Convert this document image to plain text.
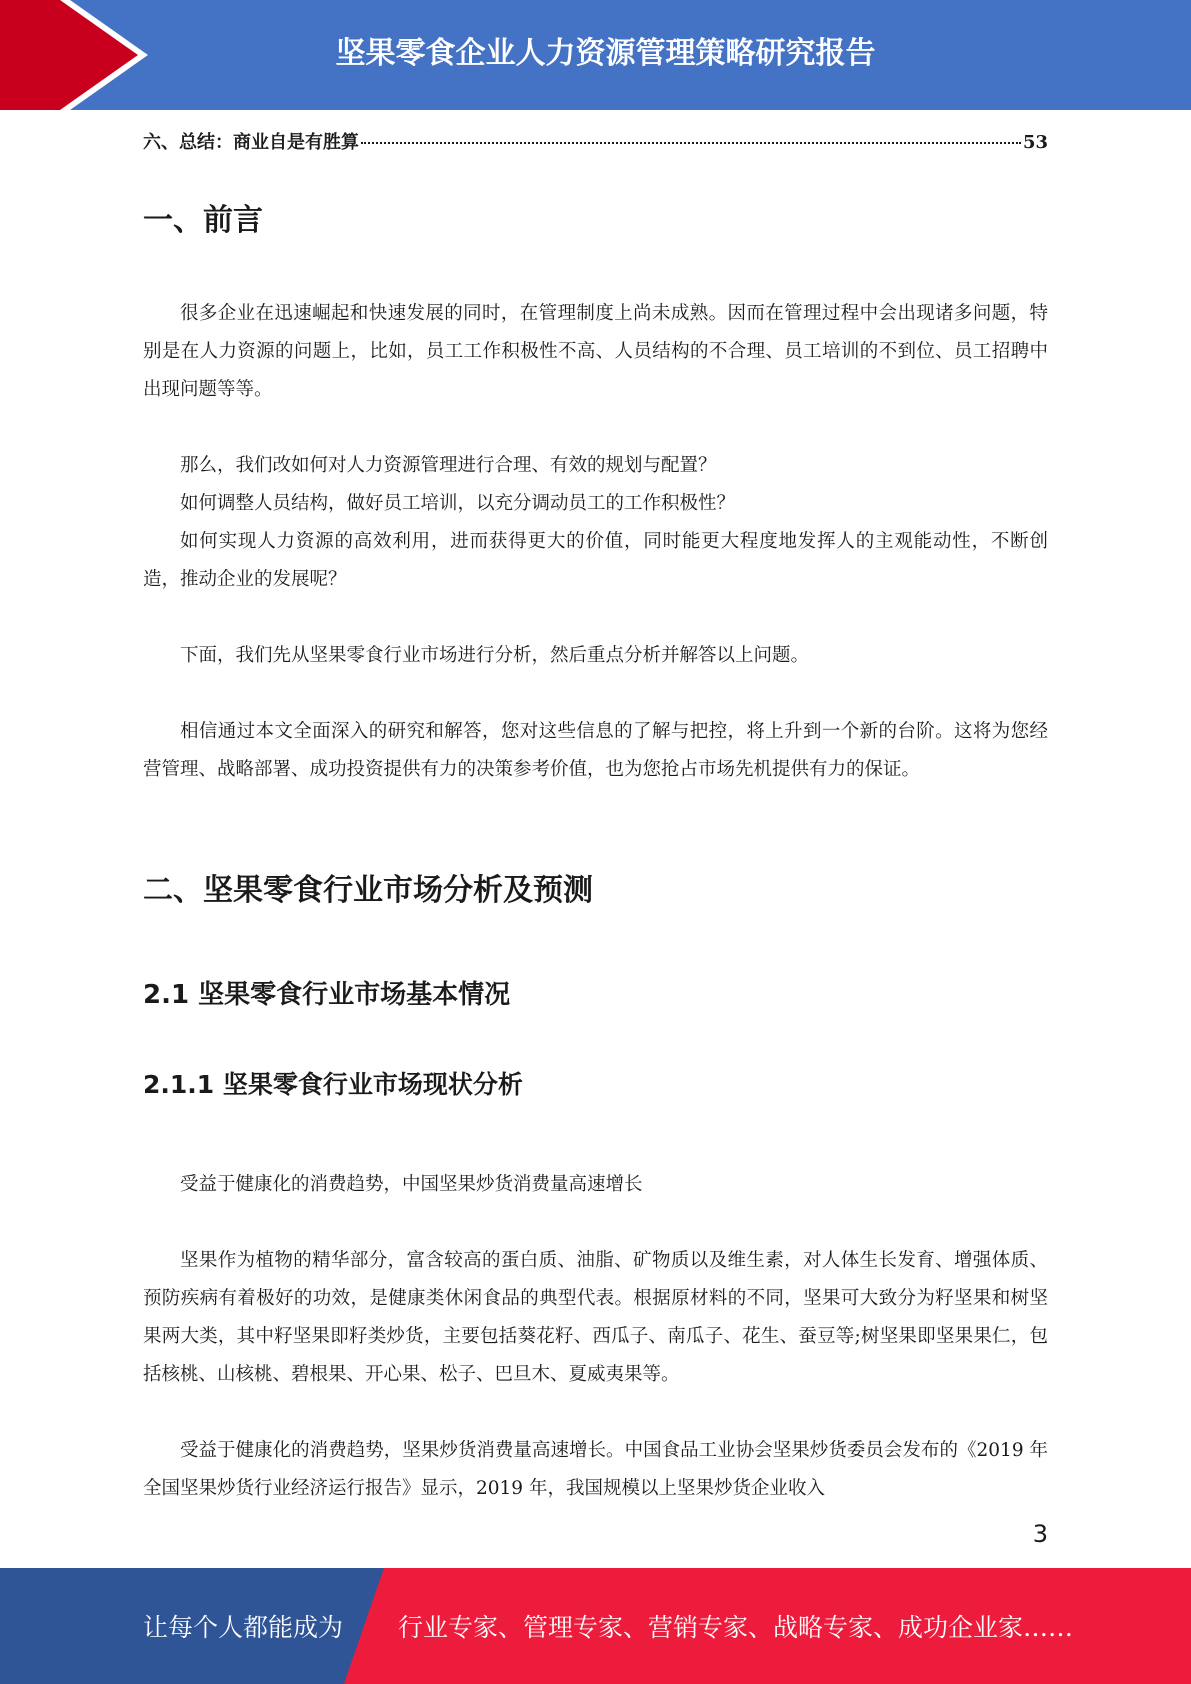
坚果零食企业人力资源管理策略研究报告
六、总结：商业自是有胜算	53
一、前言

很多企业在迅速崛起和快速发展的同时，在管理制度上尚未成熟。因而在管理过程中会出现诸多问题，特别是在人力资源的问题上，比如，员工工作积极性不高、人员结构的不合理、员工培训的不到位、员工招聘中出现问题等等。

那么，我们改如何对人力资源管理进行合理、有效的规划与配置？

如何调整人员结构，做好员工培训，以充分调动员工的工作积极性？

如何实现人力资源的高效利用，进而获得更大的价值，同时能更大程度地发挥人的主观能动性，不断创造，推动企业的发展呢？

下面，我们先从坚果零食行业市场进行分析，然后重点分析并解答以上问题。

相信通过本文全面深入的研究和解答，您对这些信息的了解与把控，将上升到一个新的台阶。这将为您经营管理、战略部署、成功投资提供有力的决策参考价值，也为您抢占市场先机提供有力的保证。

二、坚果零食行业市场分析及预测
2.1 坚果零食行业市场基本情况
2.1.1 坚果零食行业市场现状分析

受益于健康化的消费趋势，中国坚果炒货消费量高速增长

坚果作为植物的精华部分，富含较高的蛋白质、油脂、矿物质以及维生素，对人体生长发育、增强体质、预防疾病有着极好的功效，是健康类休闲食品的典型代表。根据原材料的不同，坚果可大致分为籽坚果和树坚果两大类，其中籽坚果即籽类炒货，主要包括葵花籽、西瓜子、南瓜子、花生、蚕豆等;树坚果即坚果果仁，包括核桃、山核桃、碧根果、开心果、松子、巴旦木、夏威夷果等。

受益于健康化的消费趋势，坚果炒货消费量高速增长。中国食品工业协会坚果炒货委员会发布的《2019 年全国坚果炒货行业经济运行报告》显示，2019 年，我国规模以上坚果炒货企业收入

3
让每个人都能成为 行业专家、管理专家、营销专家、战略专家、成功企业家……
